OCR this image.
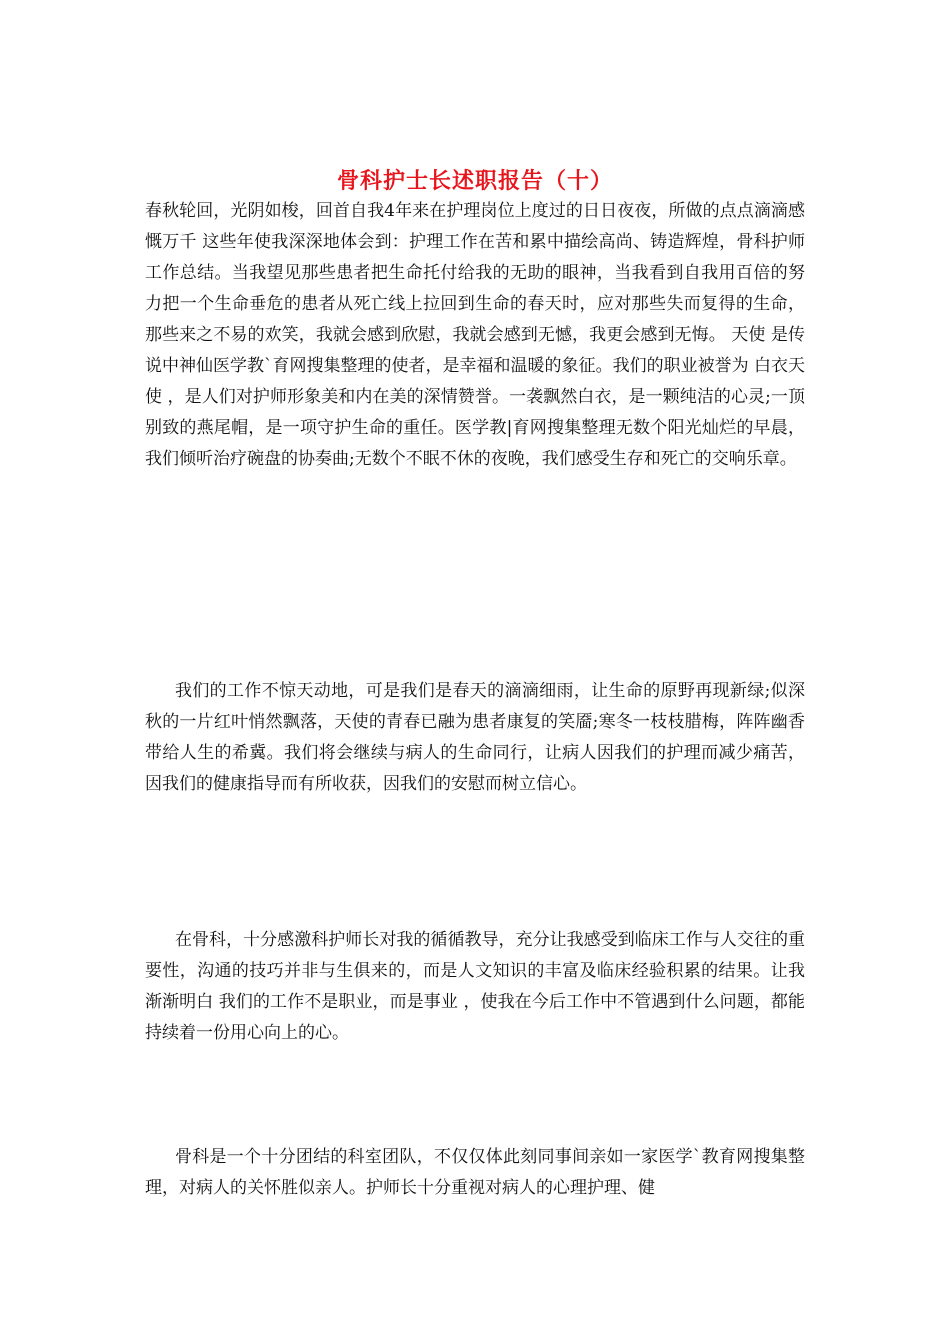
骨科护士长述职报告（十）

春秋轮回，光阴如梭，回首自我4年来在护理岗位上度过的日日夜夜，所做的点点滴滴感慨万千 这些年使我深深地体会到：护理工作在苦和累中描绘高尚、铸造辉煌，骨科护师工作总结。当我望见那些患者把生命托付给我的无助的眼神，当我看到自我用百倍的努力把一个生命垂危的患者从死亡线上拉回到生命的春天时，应对那些失而复得的生命，那些来之不易的欢笑，我就会感到欣慰，我就会感到无憾，我更会感到无悔。 天使 是传说中神仙医学教`育网搜集整理的使者，是幸福和温暖的象征。我们的职业被誉为 白衣天使 ，是人们对护师形象美和内在美的深情赞誉。一袭飘然白衣，是一颗纯洁的心灵;一顶别致的燕尾帽，是一项守护生命的重任。医学教|育网搜集整理无数个阳光灿烂的早晨，我们倾听治疗碗盘的协奏曲;无数个不眠不休的夜晚，我们感受生存和死亡的交响乐章。

我们的工作不惊天动地，可是我们是春天的滴滴细雨，让生命的原野再现新绿;似深秋的一片红叶悄然飘落，天使的青春已融为患者康复的笑靥;寒冬一枝枝腊梅，阵阵幽香带给人生的希冀。我们将会继续与病人的生命同行，让病人因我们的护理而减少痛苦，因我们的健康指导而有所收获，因我们的安慰而树立信心。

在骨科，十分感激科护师长对我的循循教导，充分让我感受到临床工作与人交往的重要性，沟通的技巧并非与生俱来的，而是人文知识的丰富及临床经验积累的结果。让我渐渐明白 我们的工作不是职业，而是事业 ，使我在今后工作中不管遇到什么问题，都能持续着一份用心向上的心。

骨科是一个十分团结的科室团队，不仅仅体此刻同事间亲如一家医学`教育网搜集整理，对病人的关怀胜似亲人。护师长十分重视对病人的心理护理、健
